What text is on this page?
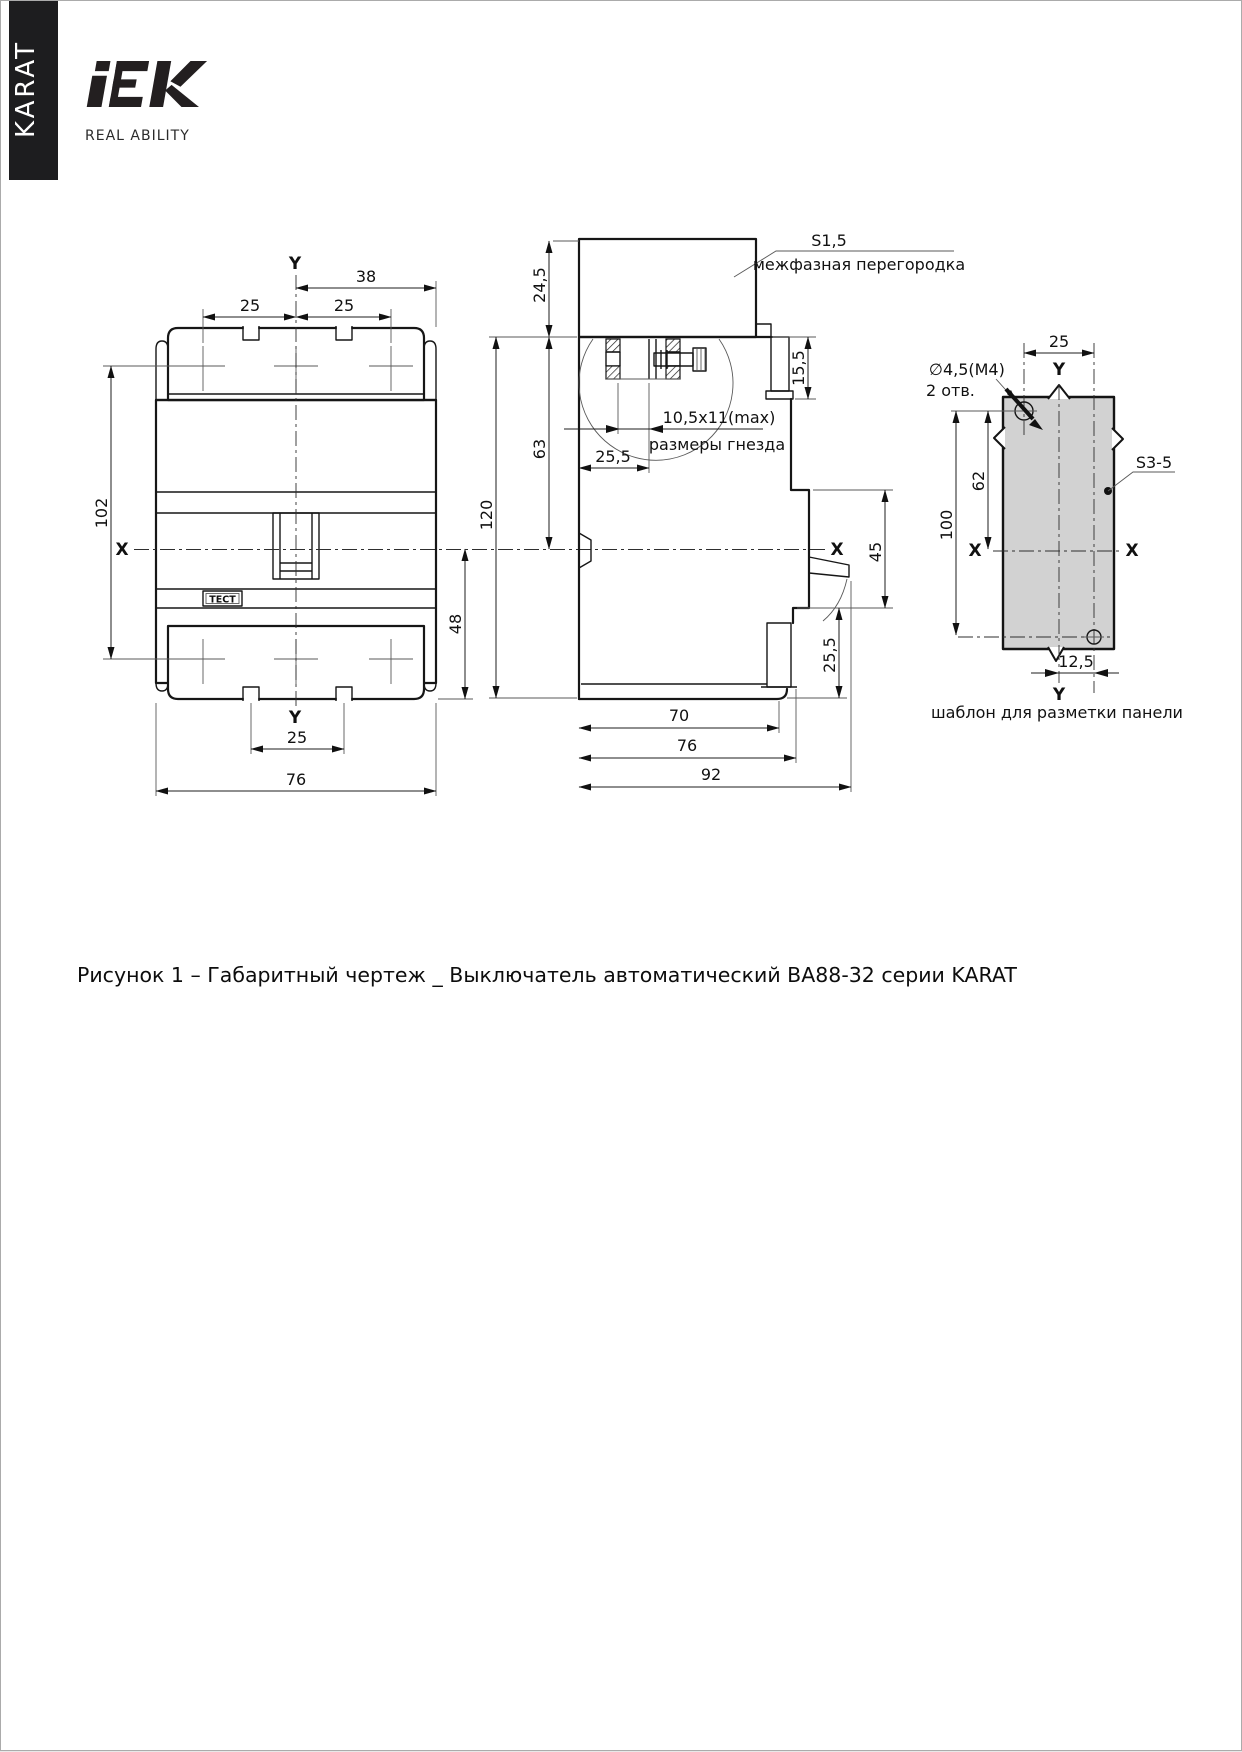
KARAT	REAL ABILITY
ТЕСТ
Y
Y
38
25	25
102
48
25
76
X	X
S1,5
межфазная перегородка
24,5
63
120
15,5
10,5x11(max)
размеры гнезда
25,5
45
25,5
70
76
92
∅4,5(M4)
2 отв.
S3-5
25
62
100
12,5
Y
Y
X	X
шаблон для разметки панели
Рисунок 1 – Габаритный чертеж _ Выключатель автоматический ВА88-32 серии KARAT
